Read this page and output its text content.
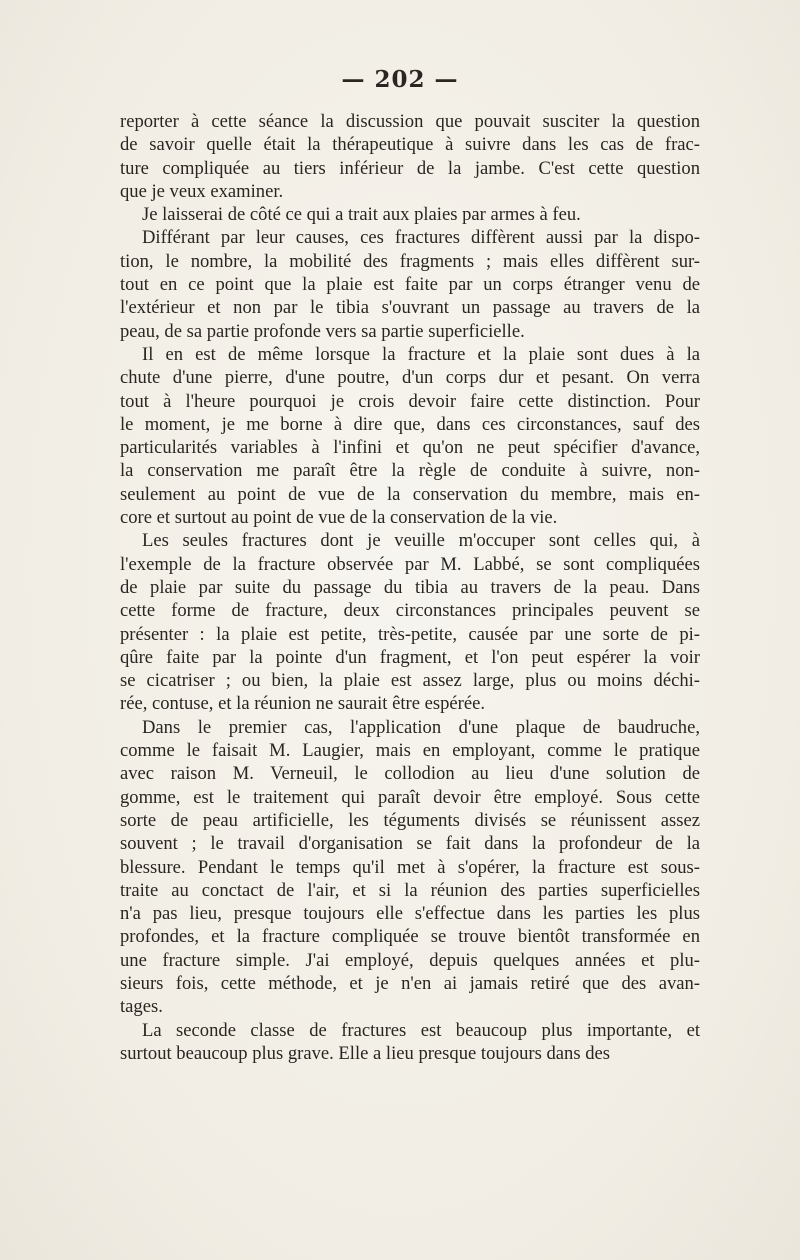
— 202 —
reporter à cette séance la discussion que pouvait susciter la question
de savoir quelle était la thérapeutique à suivre dans les cas de frac-
ture compliquée au tiers inférieur de la jambe. C'est cette question
que je veux examiner.
Je laisserai de côté ce qui a trait aux plaies par armes à feu.
Différant par leur causes, ces fractures diffèrent aussi par la dispo-
tion, le nombre, la mobilité des fragments ; mais elles diffèrent sur-
tout en ce point que la plaie est faite par un corps étranger venu de
l'extérieur et non par le tibia s'ouvrant un passage au travers de la
peau, de sa partie profonde vers sa partie superficielle.
Il en est de même lorsque la fracture et la plaie sont dues à la
chute d'une pierre, d'une poutre, d'un corps dur et pesant. On verra
tout à l'heure pourquoi je crois devoir faire cette distinction. Pour
le moment, je me borne à dire que, dans ces circonstances, sauf des
particularités variables à l'infini et qu'on ne peut spécifier d'avance,
la conservation me paraît être la règle de conduite à suivre, non-
seulement au point de vue de la conservation du membre, mais en-
core et surtout au point de vue de la conservation de la vie.
Les seules fractures dont je veuille m'occuper sont celles qui, à
l'exemple de la fracture observée par M. Labbé, se sont compliquées
de plaie par suite du passage du tibia au travers de la peau. Dans
cette forme de fracture, deux circonstances principales peuvent se
présenter : la plaie est petite, très-petite, causée par une sorte de pi-
qûre faite par la pointe d'un fragment, et l'on peut espérer la voir
se cicatriser ; ou bien, la plaie est assez large, plus ou moins déchi-
rée, contuse, et la réunion ne saurait être espérée.
Dans le premier cas, l'application d'une plaque de baudruche,
comme le faisait M. Laugier, mais en employant, comme le pratique
avec raison M. Verneuil, le collodion au lieu d'une solution de
gomme, est le traitement qui paraît devoir être employé. Sous cette
sorte de peau artificielle, les téguments divisés se réunissent assez
souvent ; le travail d'organisation se fait dans la profondeur de la
blessure. Pendant le temps qu'il met à s'opérer, la fracture est sous-
traite au conctact de l'air, et si la réunion des parties superficielles
n'a pas lieu, presque toujours elle s'effectue dans les parties les plus
profondes, et la fracture compliquée se trouve bientôt transformée en
une fracture simple. J'ai employé, depuis quelques années et plu-
sieurs fois, cette méthode, et je n'en ai jamais retiré que des avan-
tages.
La seconde classe de fractures est beaucoup plus importante, et
surtout beaucoup plus grave. Elle a lieu presque toujours dans des
